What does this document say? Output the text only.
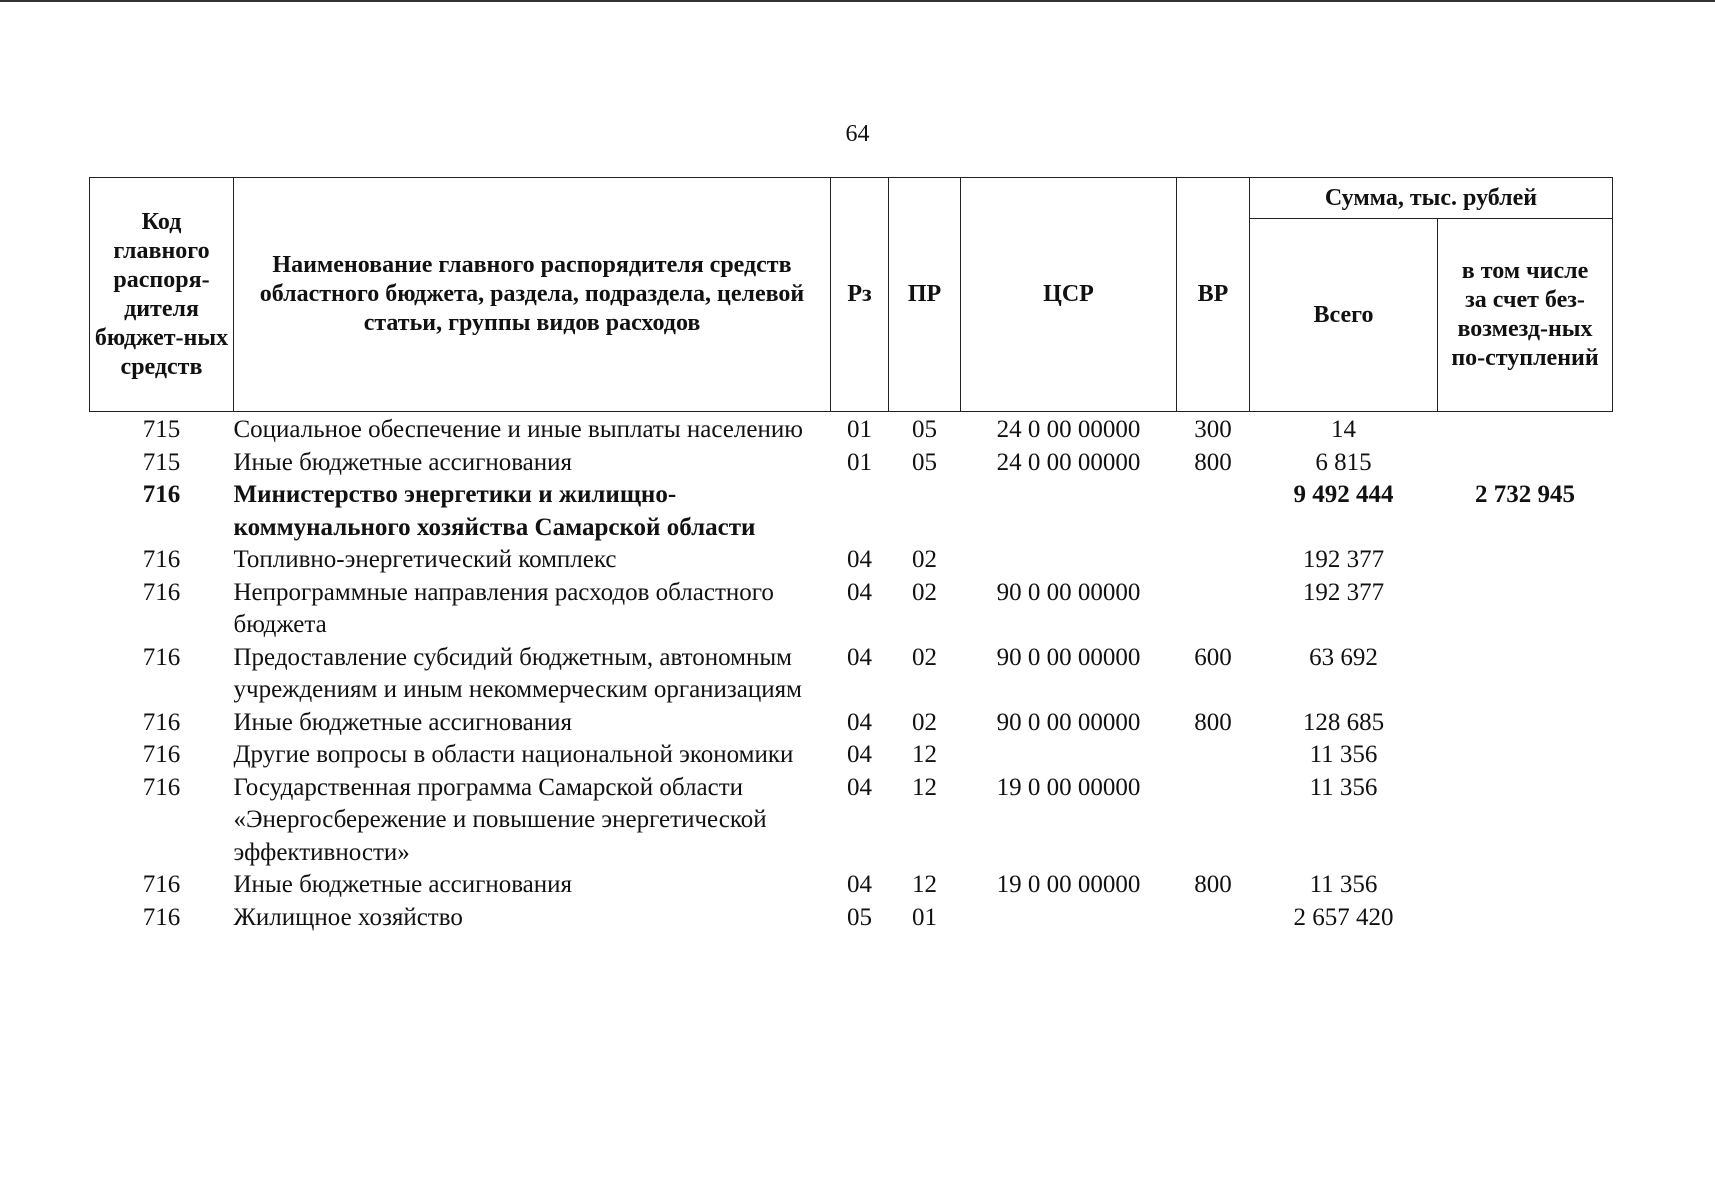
64
Код главного распоря-дителя бюджет-ных средств	Наименование главного распорядителя средств областного бюджета, раздела, подраздела, целевой статьи, группы видов расходов	Рз	ПР	ЦСР	ВР	Сумма, тыс. рублей	
						Всего	в том числе за счет без-возмезд-ных по-ступлений
715	Социальное обеспечение и иные выплаты населению	01	05	24 0 00 00000	300	14	
715	Иные бюджетные ассигнования	01	05	24 0 00 00000	800	6 815	
716	Министерство энергетики и жилищно-коммунального хозяйства Самарской области					9 492 444	2 732 945
716	Топливно-энергетический комплекс	04	02			192 377	
716	Непрограммные направления расходов областного бюджета	04	02	90 0 00 00000		192 377	
716	Предоставление субсидий бюджетным, автономным учреждениям и иным некоммерческим организациям	04	02	90 0 00 00000	600	63 692	
716	Иные бюджетные ассигнования	04	02	90 0 00 00000	800	128 685	
716	Другие вопросы в области национальной экономики	04	12			11 356	
716	Государственная программа Самарской области «Энергосбережение и повышение энергетической эффективности»	04	12	19 0 00 00000		11 356	
716	Иные бюджетные ассигнования	04	12	19 0 00 00000	800	11 356	
716	Жилищное хозяйство	05	01			2 657 420	
